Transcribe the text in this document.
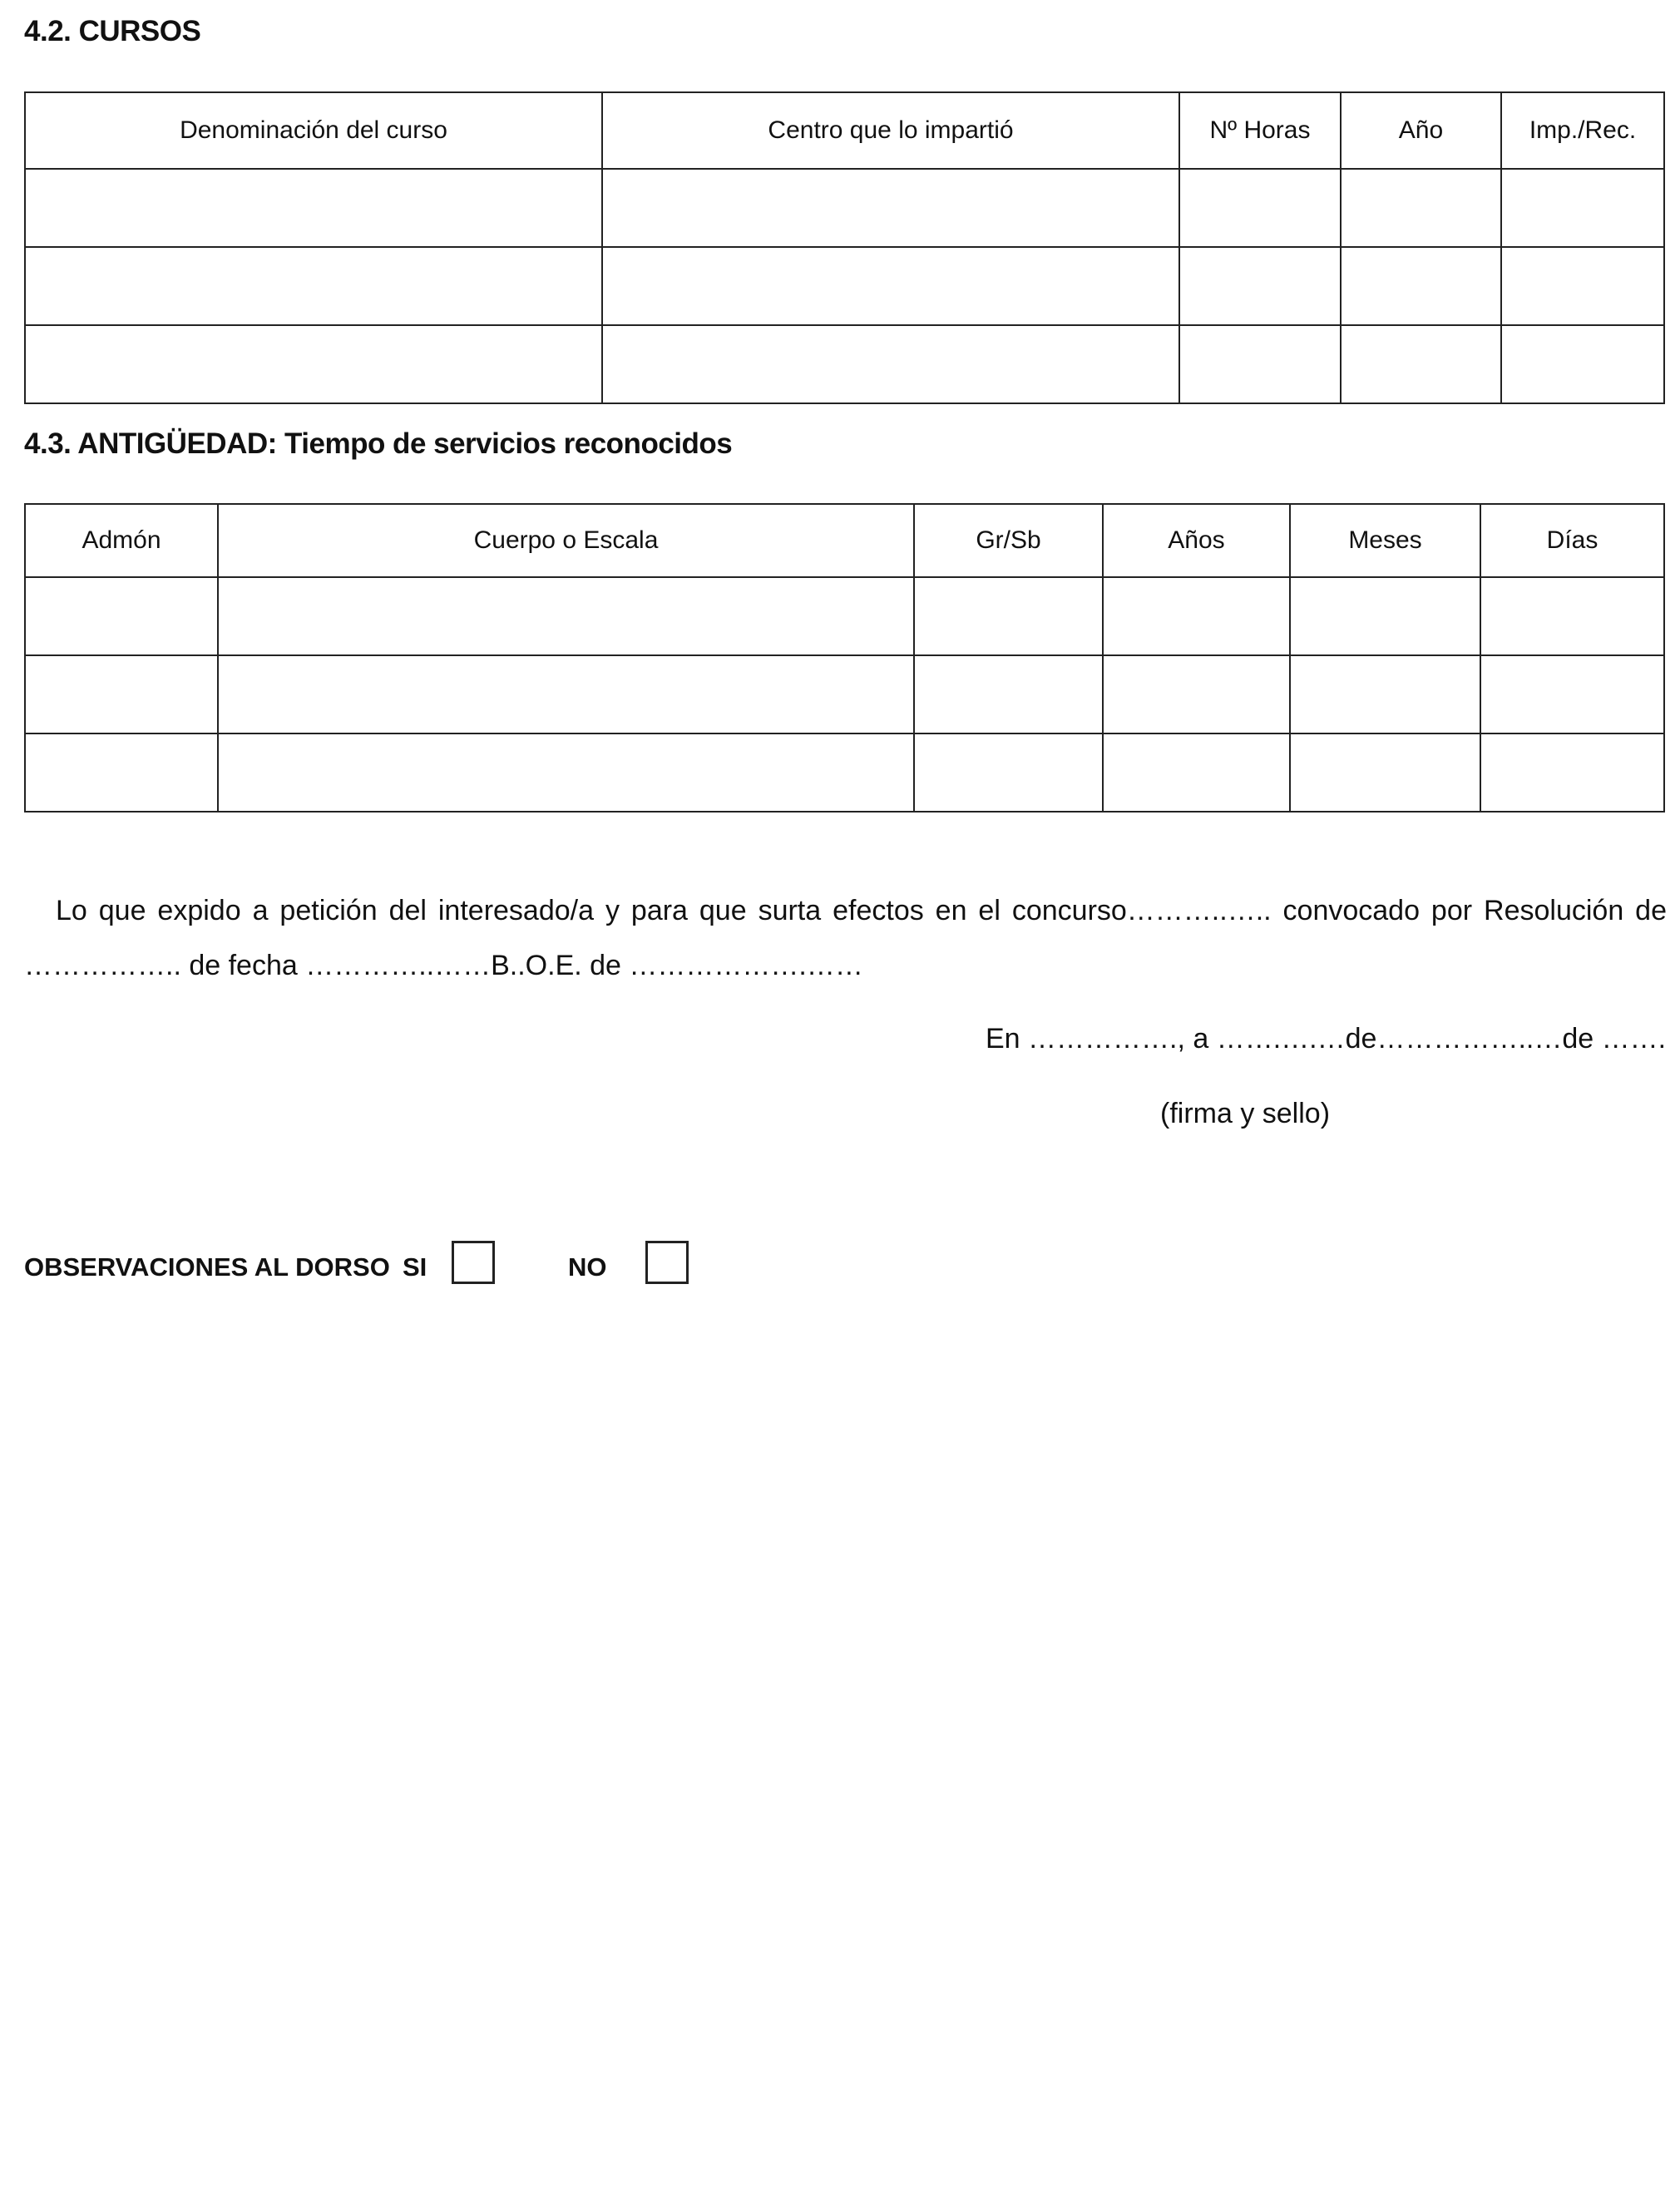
4.2. CURSOS
Denominación del curso	Centro que lo impartió	Nº Horas	Año	Imp./Rec.

4.3. ANTIGÜEDAD: Tiempo de servicios reconocidos
Admón	Cuerpo o Escala	Gr/Sb	Años	Meses	Días

Lo que expido a petición del interesado/a y para que surta efectos en el concurso………..….. convocado por Resolución de …………….. de fecha …………..……B..O.E. de ……………….……
En ……………., a …….….…de……………..…de …….
(firma y sello)
OBSERVACIONES AL DORSO SI	NO
